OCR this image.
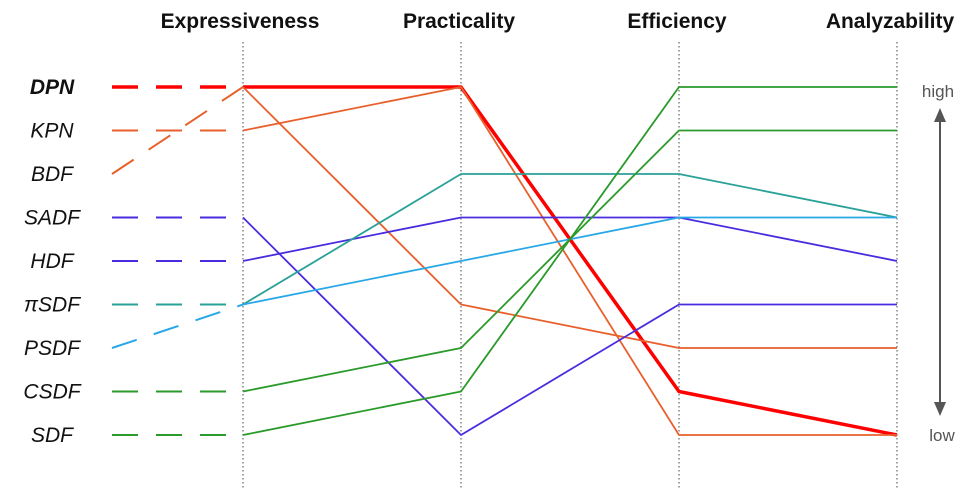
Expressiveness	Practicality	Efficiency	Analyzability
DPN
KPN
BDF
SADF
HDF
πSDF
PSDF
CSDF
SDF
high
low
